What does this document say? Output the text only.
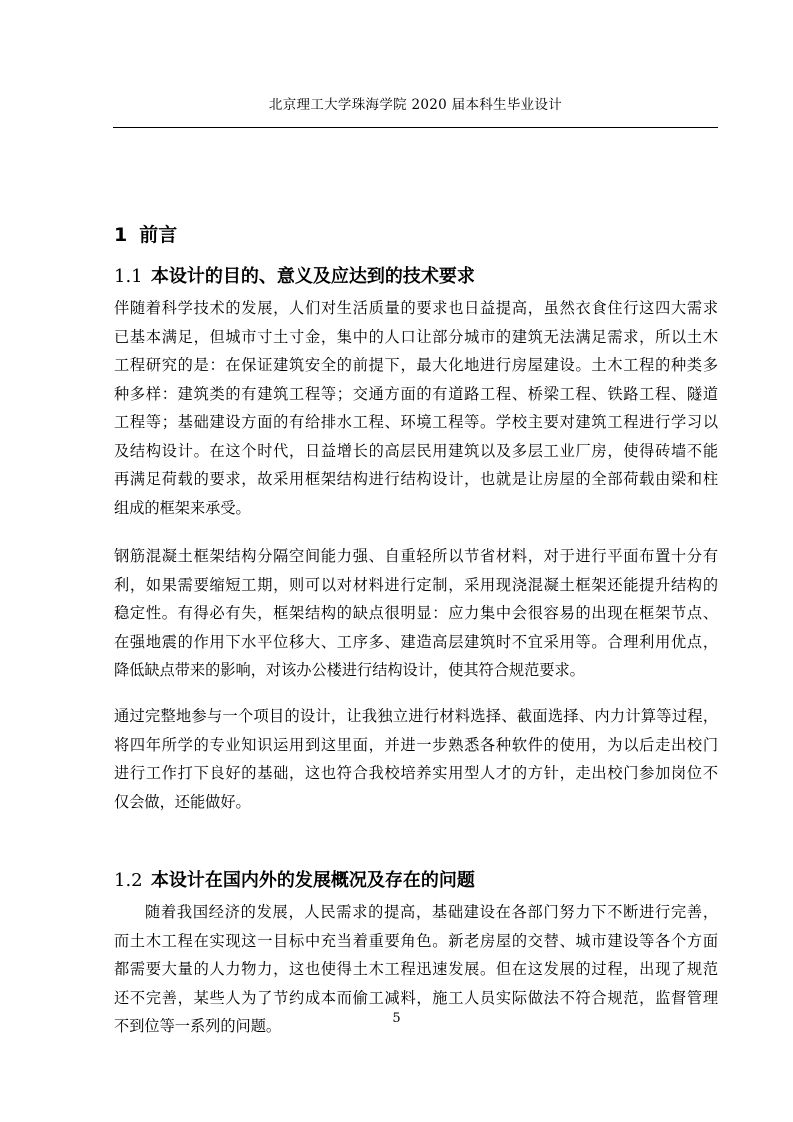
北京理工大学珠海学院 2020 届本科生毕业设计
1 前言
1.1 本设计的目的、意义及应达到的技术要求
伴随着科学技术的发展，人们对生活质量的要求也日益提高，虽然衣食住行这四大需求
已基本满足，但城市寸土寸金，集中的人口让部分城市的建筑无法满足需求，所以土木
工程研究的是：在保证建筑安全的前提下，最大化地进行房屋建设。土木工程的种类多
种多样：建筑类的有建筑工程等；交通方面的有道路工程、桥梁工程、铁路工程、隧道
工程等；基础建设方面的有给排水工程、环境工程等。学校主要对建筑工程进行学习以
及结构设计。在这个时代，日益增长的高层民用建筑以及多层工业厂房，使得砖墙不能
再满足荷载的要求，故采用框架结构进行结构设计，也就是让房屋的全部荷载由梁和柱
组成的框架来承受。
钢筋混凝土框架结构分隔空间能力强、自重轻所以节省材料，对于进行平面布置十分有
利，如果需要缩短工期，则可以对材料进行定制，采用现浇混凝土框架还能提升结构的
稳定性。有得必有失，框架结构的缺点很明显：应力集中会很容易的出现在框架节点、
在强地震的作用下水平位移大、工序多、建造高层建筑时不宜采用等。合理利用优点，
降低缺点带来的影响，对该办公楼进行结构设计，使其符合规范要求。
通过完整地参与一个项目的设计，让我独立进行材料选择、截面选择、内力计算等过程，
将四年所学的专业知识运用到这里面，并进一步熟悉各种软件的使用，为以后走出校门
进行工作打下良好的基础，这也符合我校培养实用型人才的方针，走出校门参加岗位不
仅会做，还能做好。
1.2 本设计在国内外的发展概况及存在的问题
随着我国经济的发展，人民需求的提高，基础建设在各部门努力下不断进行完善，
而土木工程在实现这一目标中充当着重要角色。新老房屋的交替、城市建设等各个方面
都需要大量的人力物力，这也使得土木工程迅速发展。但在这发展的过程，出现了规范
还不完善，某些人为了节约成本而偷工减料，施工人员实际做法不符合规范，监督管理
不到位等一系列的问题。	5
